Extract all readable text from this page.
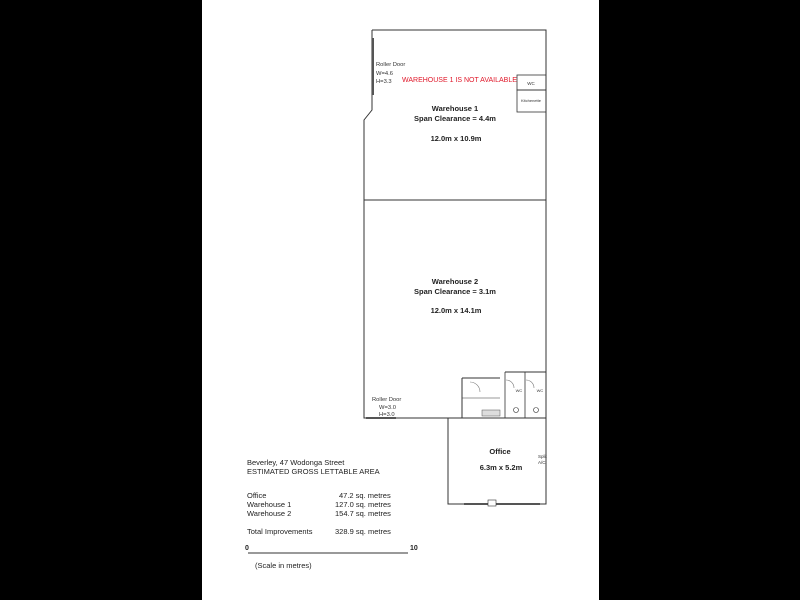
WAREHOUSE 1 IS NOT AVAILABLE
Roller Door
W=4.6
H=3.3	WC
Kitchenette
Warehouse 1
Span Clearance = 4.4m
12.0m x 10.9m
Warehouse 2
Span Clearance = 3.1m
12.0m x 14.1m
Roller Door
W=3.0
H=3.0
WC	WC
Office
6.3m x 5.2m
Split
A/C
0	10
Beverley, 47 Wodonga Street
ESTIMATED GROSS LETTABLE AREA
Office	47.2 sq. metres
Warehouse 1	127.0 sq. metres
Warehouse 2	154.7 sq. metres
Total Improvements	328.9 sq. metres
(Scale in metres)
